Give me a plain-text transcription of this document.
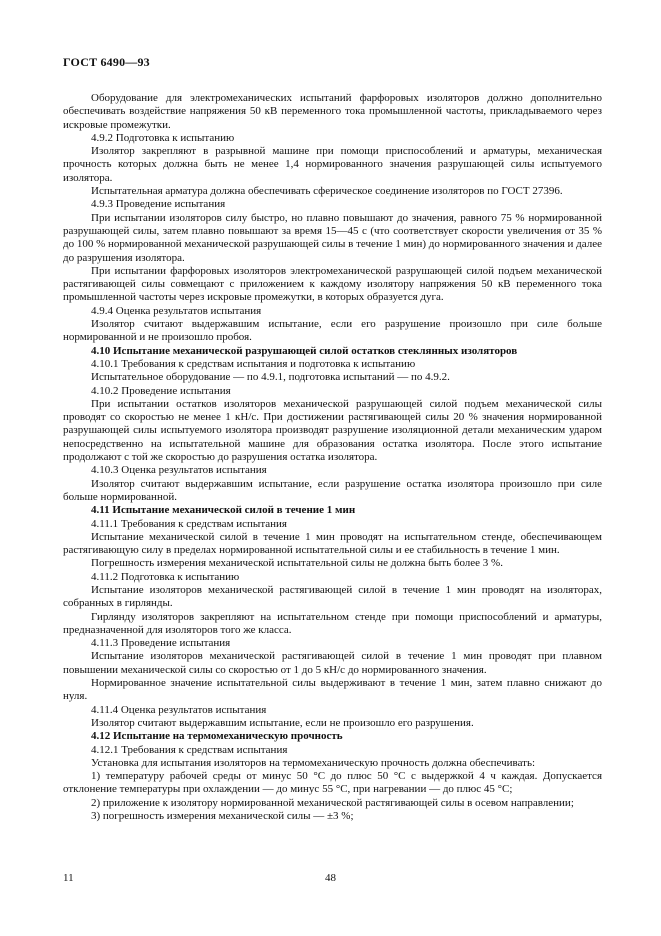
ГОСТ 6490—93

Оборудование для электромеханических испытаний фарфоровых изоляторов должно дополнительно обеспечивать воздействие напряжения 50 кВ переменного тока промышленной частоты, прикладываемого через искровые промежутки.

4.9.2 Подготовка к испытанию

Изолятор закрепляют в разрывной машине при помощи приспособлений и арматуры, механическая прочность которых должна быть не менее 1,4 нормированного значения разрушающей силы испытуемого изолятора.

Испытательная арматура должна обеспечивать сферическое соединение изоляторов по ГОСТ 27396.

4.9.3 Проведение испытания

При испытании изоляторов силу быстро, но плавно повышают до значения, равного 75 % нормированной разрушающей силы, затем плавно повышают за время 15—45 с (что соответствует скорости увеличения от 35 % до 100 % нормированной механической разрушающей силы в течение 1 мин) до нормированного значения и далее до разрушения изолятора.

При испытании фарфоровых изоляторов электромеханической разрушающей силой подъем механической растягивающей силы совмещают с приложением к каждому изолятору напряжения 50 кВ переменного тока промышленной частоты через искровые промежутки, в которых образуется дуга.

4.9.4 Оценка результатов испытания

Изолятор считают выдержавшим испытание, если его разрушение произошло при силе больше нормированной и не произошло пробоя.

4.10 Испытание механической разрушающей силой остатков стеклянных изоляторов

4.10.1 Требования к средствам испытания и подготовка к испытанию

Испытательное оборудование — по 4.9.1, подготовка испытаний — по 4.9.2.

4.10.2 Проведение испытания

При испытании остатков изоляторов механической разрушающей силой подъем механической силы проводят со скоростью не менее 1 кН/с. При достижении растягивающей силы 20 % значения нормированной разрушающей силы испытуемого изолятора производят разрушение изоляционной детали механическим ударом непосредственно на испытательной машине для образования остатка изолятора. После этого испытание продолжают с той же скоростью до разрушения остатка изолятора.

4.10.3 Оценка результатов испытания

Изолятор считают выдержавшим испытание, если разрушение остатка изолятора произошло при силе больше нормированной.

4.11 Испытание механической силой в течение 1 мин

4.11.1 Требования к средствам испытания

Испытание механической силой в течение 1 мин проводят на испытательном стенде, обеспечивающем растягивающую силу в пределах нормированной испытательной силы и ее стабильность в течение 1 мин.

Погрешность измерения механической испытательной силы не должна быть более 3 %.

4.11.2 Подготовка к испытанию

Испытание изоляторов механической растягивающей силой в течение 1 мин проводят на изоляторах, собранных в гирлянды.

Гирлянду изоляторов закрепляют на испытательном стенде при помощи приспособлений и арматуры, предназначенной для изоляторов того же класса.

4.11.3 Проведение испытания

Испытание изоляторов механической растягивающей силой в течение 1 мин проводят при плавном повышении механической силы со скоростью от 1 до 5 кН/с до нормированного значения.

Нормированное значение испытательной силы выдерживают в течение 1 мин, затем плавно снижают до нуля.

4.11.4 Оценка результатов испытания

Изолятор считают выдержавшим испытание, если не произошло его разрушения.

4.12 Испытание на термомеханическую прочность

4.12.1 Требования к средствам испытания

Установка для испытания изоляторов на термомеханическую прочность должна обеспечивать:

1) температуру рабочей среды от минус 50 °С до плюс 50 °С с выдержкой 4 ч каждая. Допускается отклонение температуры при охлаждении — до минус 55 °С, при нагревании — до плюс 45 °С;

2) приложение к изолятору нормированной механической растягивающей силы в осевом направлении;

3) погрешность измерения механической силы — ±3 %;

11	48
